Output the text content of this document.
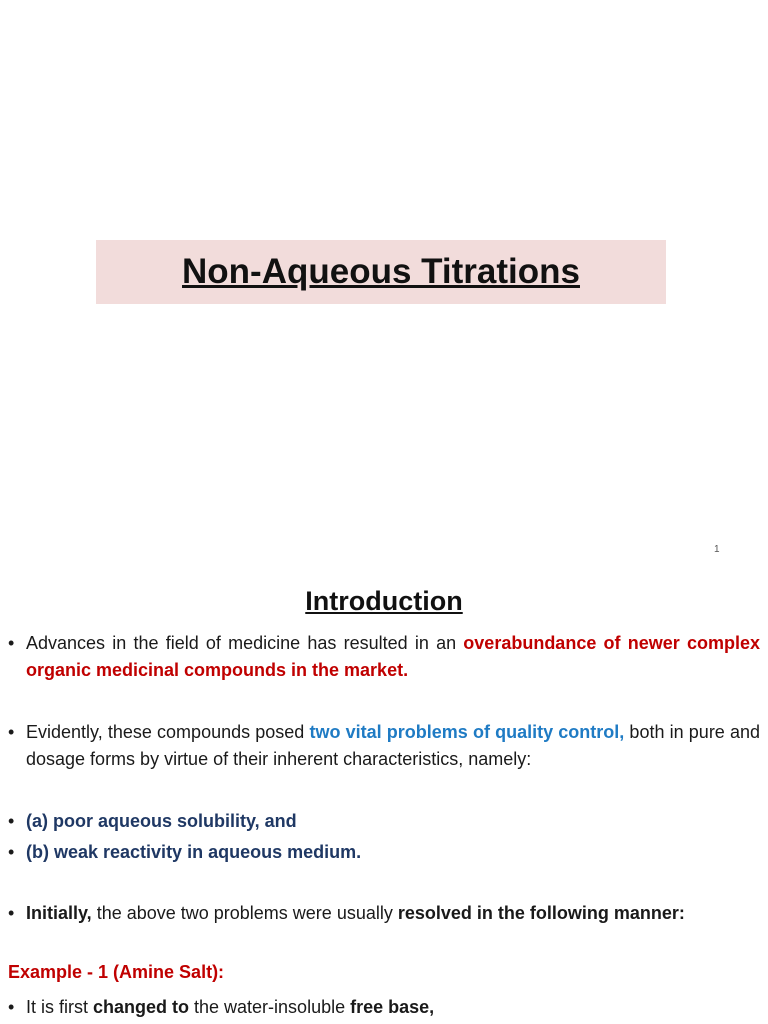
Non-Aqueous Titrations
1
Introduction
• Advances in the field of medicine has resulted in an overabundance of newer complex organic medicinal compounds in the market.
• Evidently, these compounds posed two vital problems of quality control, both in pure and dosage forms by virtue of their inherent characteristics, namely:
• (a) poor aqueous solubility, and
• (b) weak reactivity in aqueous medium.
• Initially, the above two problems were usually resolved in the following manner:
Example - 1 (Amine Salt):
• It is first changed to the water-insoluble free base,
